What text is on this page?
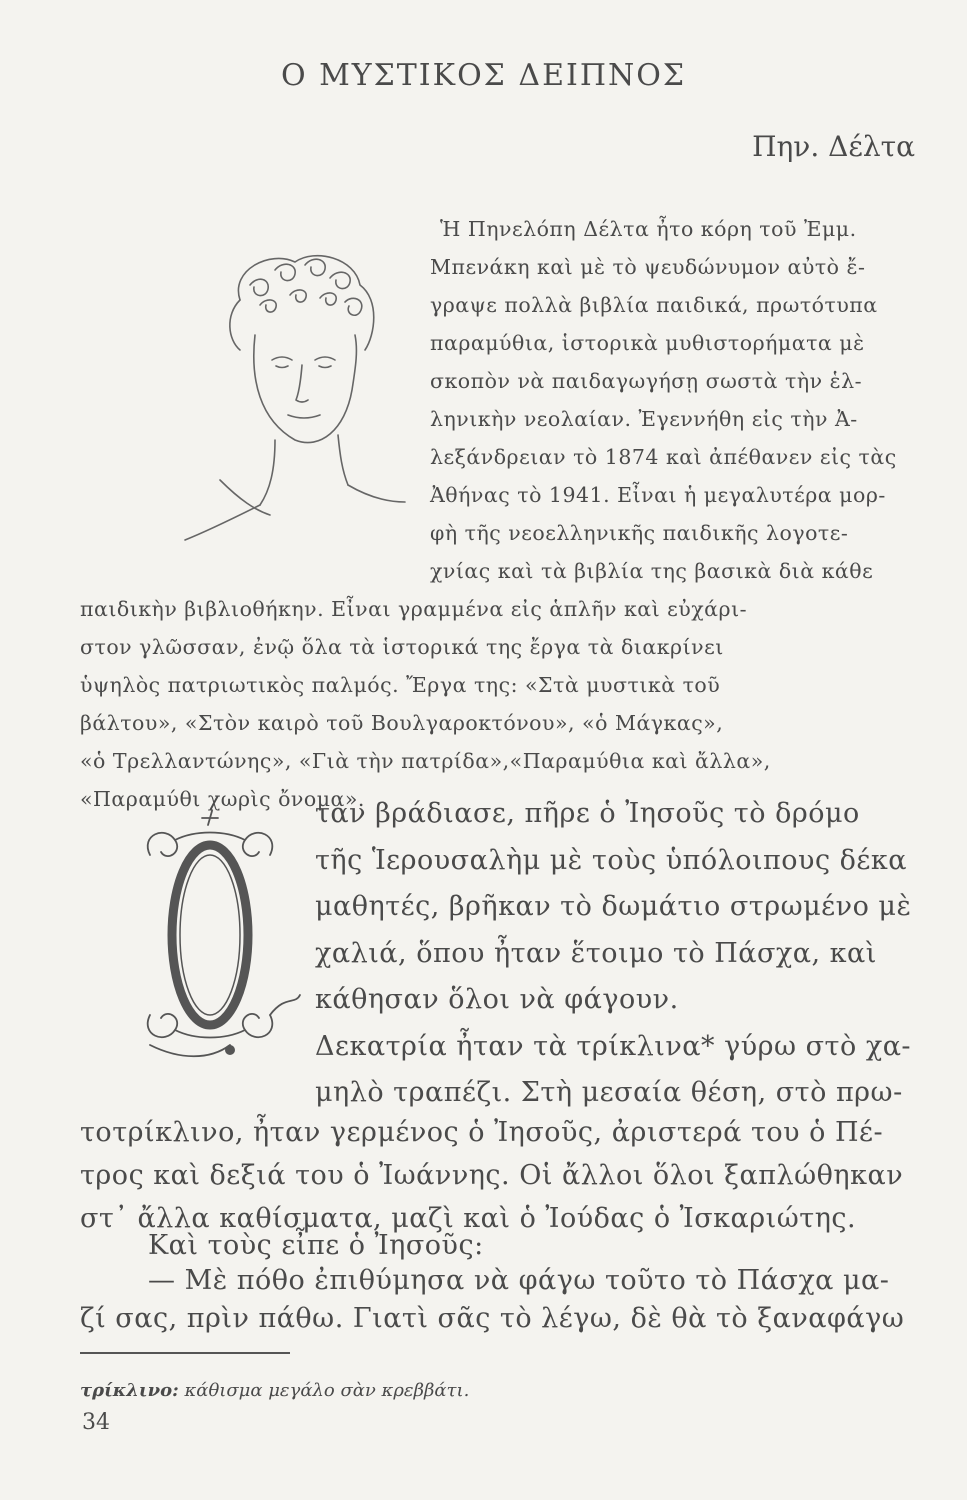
Ο ΜΥΣΤΙΚΟΣ ΔΕΙΠΝΟΣ
Πην. Δέλτα
Ἡ Πηνελόπη Δέλτα ἦτο κόρη τοῦ Ἐμμ.
Μπενάκη καὶ μὲ τὸ ψευδώνυμον αὐτὸ ἔ-
γραψε πολλὰ βιβλία παιδικά, πρωτότυπα
παραμύθια, ἱστορικὰ μυθιστορήματα μὲ
σκοπὸν νὰ παιδαγωγήσῃ σωστὰ τὴν ἑλ-
ληνικὴν νεολαίαν. Ἐγεννήθη εἰς τὴν Ἀ-
λεξάνδρειαν τὸ 1874 καὶ ἀπέθανεν εἰς τὰς
Ἀθήνας τὸ 1941. Εἶναι ἡ μεγαλυτέρα μορ-
φὴ τῆς νεοελληνικῆς παιδικῆς λογοτε-
χνίας καὶ τὰ βιβλία της βασικὰ διὰ κάθε
παιδικὴν βιβλιοθήκην. Εἶναι γραμμένα εἰς ἁπλῆν καὶ εὐχάρι-
στον γλῶσσαν, ἐνῷ ὅλα τὰ ἱστορικά της ἔργα τὰ διακρίνει
ὑψηλὸς πατριωτικὸς παλμός. Ἔργα της: «Στὰ μυστικὰ τοῦ
βάλτου», «Στὸν καιρὸ τοῦ Βουλγαροκτόνου», «ὁ Μάγκας»,
«ὁ Τρελλαντώνης», «Γιὰ τὴν πατρίδα»,«Παραμύθια καὶ ἄλλα»,
«Παραμύθι χωρὶς ὄνομα».
ταν βράδιασε, πῆρε ὁ Ἰησοῦς τὸ δρόμο
τῆς Ἱερουσαλὴμ μὲ τοὺς ὑπόλοιπους δέκα
μαθητές, βρῆκαν τὸ δωμάτιο στρωμένο μὲ
χαλιά, ὅπου ἦταν ἕτοιμο τὸ Πάσχα, καὶ
κάθησαν ὅλοι νὰ φάγουν.
Δεκατρία ἦταν τὰ τρίκλινα* γύρω στὸ χα-
μηλὸ τραπέζι. Στὴ μεσαία θέση, στὸ πρω-
τοτρίκλινο, ἦταν γερμένος ὁ Ἰησοῦς, ἀριστερά του ὁ Πέ-
τρος καὶ δεξιά του ὁ Ἰωάννης. Οἱ ἄλλοι ὅλοι ξαπλώθηκαν
στ᾽ ἄλλα καθίσματα, μαζὶ καὶ ὁ Ἰούδας ὁ Ἰσκαριώτης.
Καὶ τοὺς εἶπε ὁ Ἰησοῦς:
— Μὲ πόθο ἐπιθύμησα νὰ φάγω τοῦτο τὸ Πάσχα μα-
ζί σας, πρὶν πάθω. Γιατὶ σᾶς τὸ λέγω, δὲ θὰ τὸ ξαναφάγω
τρίκλινο: κάθισμα μεγάλο σὰν κρεββάτι.
34
